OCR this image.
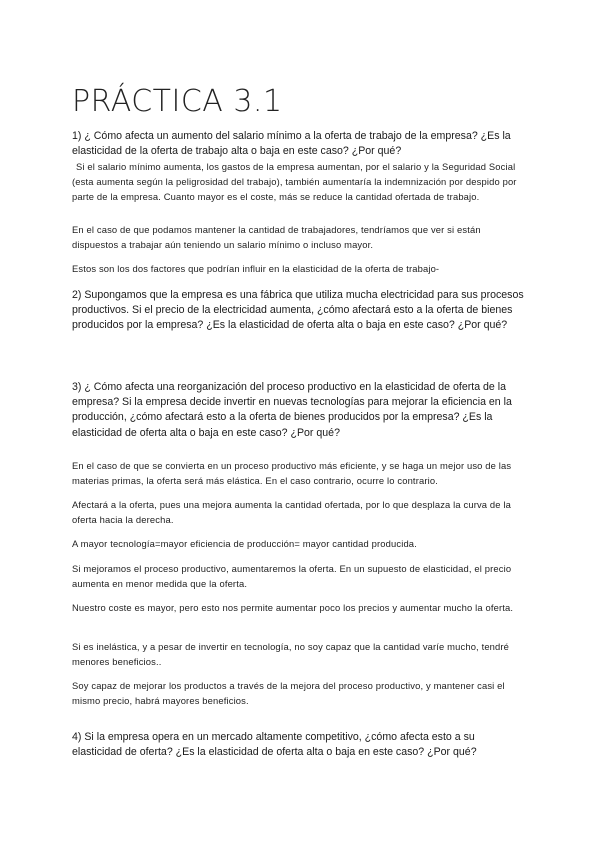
PRÁCTICA 3.1

1) ¿ Cómo afecta un aumento del salario mínimo a la oferta de trabajo de la empresa? ¿Es la elasticidad de la oferta de trabajo alta o baja en este caso? ¿Por qué?

Si el salario mínimo aumenta, los gastos de la empresa aumentan, por el salario y la Seguridad Social (esta aumenta según la peligrosidad del trabajo), también aumentaría la indemnización por despido por parte de la empresa. Cuanto mayor es el coste, más se reduce la cantidad ofertada de trabajo.

En el caso de que podamos mantener la cantidad de trabajadores, tendríamos que ver si están dispuestos a trabajar aún teniendo un salario mínimo o incluso mayor.

Estos son los dos factores que podrían influir en la elasticidad de la oferta de trabajo-

2) Supongamos que la empresa es una fábrica que utiliza mucha electricidad para sus procesos productivos. Si el precio de la electricidad aumenta, ¿cómo afectará esto a la oferta de bienes producidos por la empresa? ¿Es la elasticidad de oferta alta o baja en este caso? ¿Por qué?

3) ¿ Cómo afecta una reorganización del proceso productivo en la elasticidad de oferta de la empresa? Si la empresa decide invertir en nuevas tecnologías para mejorar la eficiencia en la producción, ¿cómo afectará esto a la oferta de bienes producidos por la empresa? ¿Es la elasticidad de oferta alta o baja en este caso? ¿Por qué?

En el caso de que se convierta en un proceso productivo más eficiente, y se haga un mejor uso de las materias primas, la oferta será más elástica. En el caso contrario, ocurre lo contrario.

Afectará a la oferta, pues una mejora aumenta la cantidad ofertada, por lo que desplaza la curva de la oferta hacia la derecha.

A mayor tecnología=mayor eficiencia de producción= mayor cantidad producida.

Si mejoramos el proceso productivo, aumentaremos la oferta. En un supuesto de elasticidad, el precio aumenta en menor medida que la oferta.

Nuestro coste es mayor, pero esto nos permite aumentar poco los precios y aumentar mucho la oferta.

Si es inelástica, y a pesar de invertir en tecnología, no soy capaz que la cantidad varíe mucho, tendré menores beneficios..

Soy capaz de mejorar los productos a través de la mejora del proceso productivo, y mantener casi el mismo precio, habrá mayores beneficios.

4) Si la empresa opera en un mercado altamente competitivo, ¿cómo afecta esto a su elasticidad de oferta? ¿Es la elasticidad de oferta alta o baja en este caso? ¿Por qué?
